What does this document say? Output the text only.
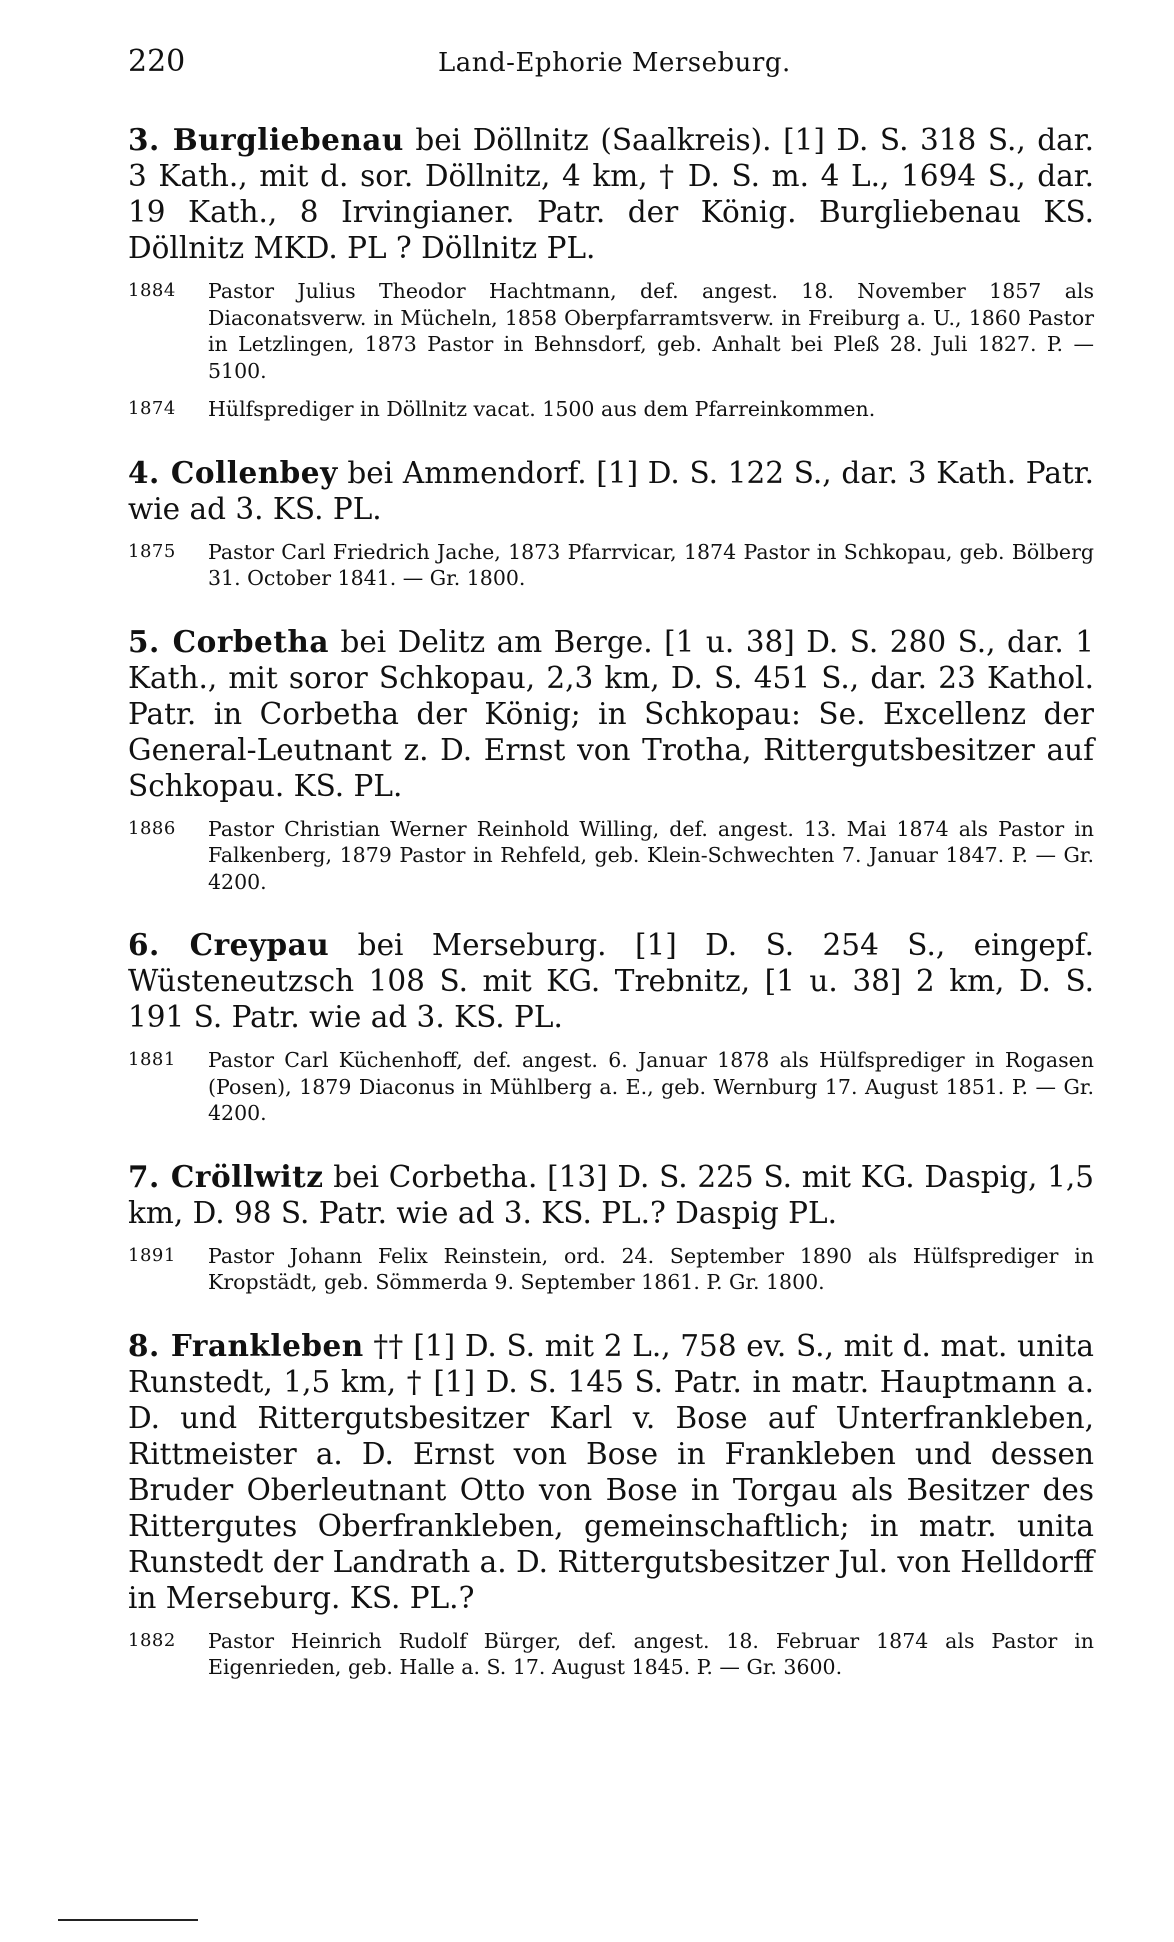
220	Land-Ephorie Merseburg.

3. Burgliebenau bei Döllnitz (Saalkreis). [1] D. S. 318 S., dar. 3 Kath., mit d. sor. Döllnitz, 4 km, † D. S. m. 4 L., 1694 S., dar. 19 Kath., 8 Irvingianer. Patr. der König. Burgliebenau KS. Döllnitz MKD. PL ? Döllnitz PL.

1884	Pastor Julius Theodor Hachtmann, def. angest. 18. November 1857 als Diaconatsverw. in Mücheln, 1858 Oberpfarramtsverw. in Freiburg a. U., 1860 Pastor in Letzlingen, 1873 Pastor in Behnsdorf, geb. Anhalt bei Pleß 28. Juli 1827. P. — 5100.
1874	Hülfsprediger in Döllnitz vacat. 1500 aus dem Pfarreinkommen.

4. Collenbey bei Ammendorf. [1] D. S. 122 S., dar. 3 Kath. Patr. wie ad 3. KS. PL.

1875	Pastor Carl Friedrich Jache, 1873 Pfarrvicar, 1874 Pastor in Schkopau, geb. Bölberg 31. October 1841. — Gr. 1800.

5. Corbetha bei Delitz am Berge. [1 u. 38] D. S. 280 S., dar. 1 Kath., mit soror Schkopau, 2,3 km, D. S. 451 S., dar. 23 Kathol. Patr. in Corbetha der König; in Schkopau: Se. Excellenz der General-Leutnant z. D. Ernst von Trotha, Rittergutsbesitzer auf Schkopau. KS. PL.

1886	Pastor Christian Werner Reinhold Willing, def. angest. 13. Mai 1874 als Pastor in Falkenberg, 1879 Pastor in Rehfeld, geb. Klein-Schwechten 7. Januar 1847. P. — Gr. 4200.

6. Creypau bei Merseburg. [1] D. S. 254 S., eingepf. Wüsteneutzsch 108 S. mit KG. Trebnitz, [1 u. 38] 2 km, D. S. 191 S. Patr. wie ad 3. KS. PL.

1881	Pastor Carl Küchenhoff, def. angest. 6. Januar 1878 als Hülfsprediger in Rogasen (Posen), 1879 Diaconus in Mühlberg a. E., geb. Wernburg 17. August 1851. P. — Gr. 4200.

7. Cröllwitz bei Corbetha. [13] D. S. 225 S. mit KG. Daspig, 1,5 km, D. 98 S. Patr. wie ad 3. KS. PL.? Daspig PL.

1891	Pastor Johann Felix Reinstein, ord. 24. September 1890 als Hülfsprediger in Kropstädt, geb. Sömmerda 9. September 1861. P. Gr. 1800.

8. Frankleben †† [1] D. S. mit 2 L., 758 ev. S., mit d. mat. unita Runstedt, 1,5 km, † [1] D. S. 145 S. Patr. in matr. Hauptmann a. D. und Rittergutsbesitzer Karl v. Bose auf Unterfrankleben, Rittmeister a. D. Ernst von Bose in Frankleben und dessen Bruder Oberleutnant Otto von Bose in Torgau als Besitzer des Rittergutes Oberfrankleben, gemeinschaftlich; in matr. unita Runstedt der Landrath a. D. Rittergutsbesitzer Jul. von Helldorff in Merseburg. KS. PL.?

1882	Pastor Heinrich Rudolf Bürger, def. angest. 18. Februar 1874 als Pastor in Eigenrieden, geb. Halle a. S. 17. August 1845. P. — Gr. 3600.
